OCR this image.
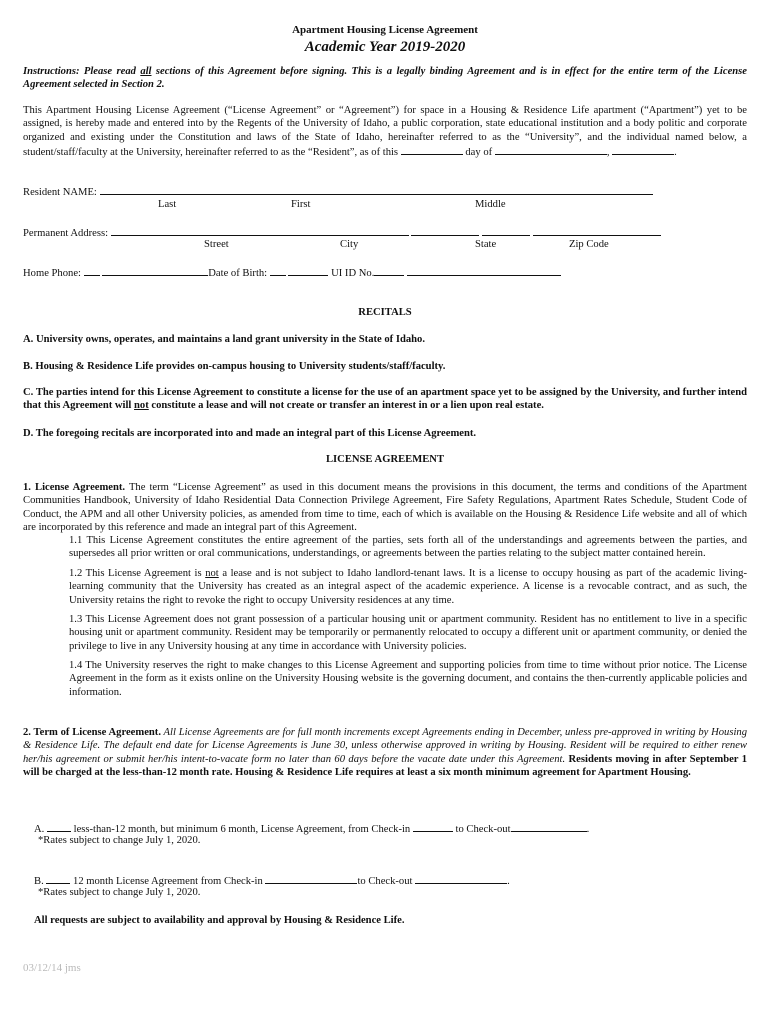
Apartment Housing License Agreement
Academic Year 2019-2020
Instructions: Please read all sections of this Agreement before signing. This is a legally binding Agreement and is in effect for the entire term of the License Agreement selected in Section 2.
This Apartment Housing License Agreement (“License Agreement” or “Agreement”) for space in a Housing & Residence Life apartment (“Apartment”) yet to be assigned, is hereby made and entered into by the Regents of the University of Idaho, a public corporation, state educational institution and a body politic and corporate organized and existing under the Constitution and laws of the State of Idaho, hereinafter referred to as the “University”, and the individual named below, a student/staff/faculty at the University, hereinafter referred to as the “Resident”, as of this	day of	,	.
Resident NAME:
Last	First	Middle
Permanent Address:
Street	City	State	Zip Code
Home Phone:	Date of Birth:	UI ID No.
RECITALS
A. University owns, operates, and maintains a land grant university in the State of Idaho.
B. Housing & Residence Life provides on-campus housing to University students/staff/faculty.
C. The parties intend for this License Agreement to constitute a license for the use of an apartment space yet to be assigned by the University, and further intend that this Agreement will not constitute a lease and will not create or transfer an interest in or a lien upon real estate.
D. The foregoing recitals are incorporated into and made an integral part of this License Agreement.
LICENSE AGREEMENT
1. License Agreement. The term “License Agreement” as used in this document means the provisions in this document, the terms and conditions of the Apartment Communities Handbook, University of Idaho Residential Data Connection Privilege Agreement, Fire Safety Regulations, Apartment Rates Schedule, Student Code of Conduct, the APM and all other University policies, as amended from time to time, each of which is available on the Housing & Residence Life website and all of which are incorporated by this reference and made an integral part of this Agreement.
1.1 This License Agreement constitutes the entire agreement of the parties, sets forth all of the understandings and agreements between the parties, and supersedes all prior written or oral communications, understandings, or agreements between the parties relating to the subject matter contained herein.
1.2 This License Agreement is not a lease and is not subject to Idaho landlord-tenant laws. It is a license to occupy housing as part of the academic living-learning community that the University has created as an integral aspect of the academic experience. A license is a revocable contract, and as such, the University retains the right to revoke the right to occupy University residences at any time.
1.3 This License Agreement does not grant possession of a particular housing unit or apartment community. Resident has no entitlement to live in a specific housing unit or apartment community. Resident may be temporarily or permanently relocated to occupy a different unit or apartment community, or denied the privilege to live in any University housing at any time in accordance with University policies.
1.4 The University reserves the right to make changes to this License Agreement and supporting policies from time to time without prior notice. The License Agreement in the form as it exists online on the University Housing website is the governing document, and contains the then-currently applicable policies and information.
2. Term of License Agreement. All License Agreements are for full month increments except Agreements ending in December, unless pre-approved in writing by Housing & Residence Life. The default end date for License Agreements is June 30, unless otherwise approved in writing by Housing. Resident will be required to either renew her/his agreement or submit her/his intent-to-vacate form no later than 60 days before the vacate date under this Agreement. Residents moving in after September 1 will be charged at the less-than-12 month rate. Housing & Residence Life requires at least a six month minimum agreement for Apartment Housing.
A.	less-than-12 month, but minimum 6 month, License Agreement, from Check-in	to Check-out	.
*Rates subject to change July 1, 2020.
B.	12 month License Agreement from Check-in	to Check-out	.
*Rates subject to change July 1, 2020.
All requests are subject to availability and approval by Housing & Residence Life.
03/12/14 jms
